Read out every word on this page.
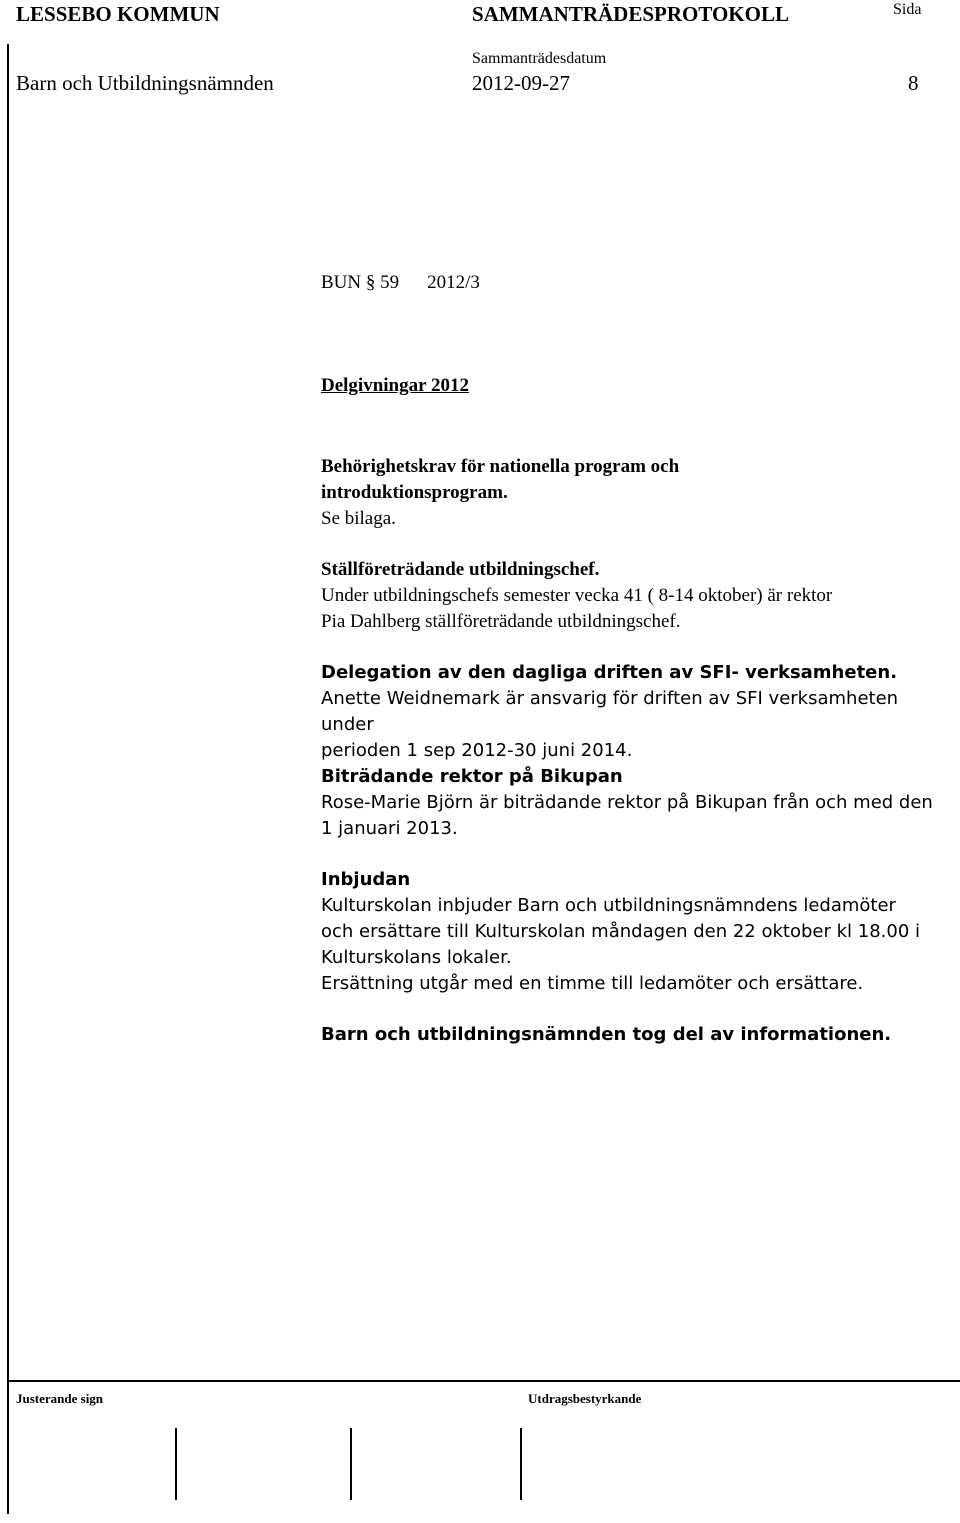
LESSEBO KOMMUN	SAMMANTRÄDESPROTOKOLL	Sida
Sammanträdesdatum
Barn och Utbildningsnämnden	2012-09-27	8
BUN § 59 2012/3
Delgivningar 2012

Behörighetskrav för nationella program och

introduktionsprogram.

Se bilaga.

Ställföreträdande utbildningschef.

Under utbildningschefs semester vecka 41 ( 8-14 oktober) är rektor

Pia Dahlberg ställföreträdande utbildningschef.

Delegation av den dagliga driften av SFI- verksamheten.

Anette Weidnemark är ansvarig för driften av SFI verksamheten under

perioden 1 sep 2012-30 juni 2014.

Biträdande rektor på Bikupan

Rose-Marie Björn är biträdande rektor på Bikupan från och med den

1 januari 2013.

Inbjudan

Kulturskolan inbjuder Barn och utbildningsnämndens ledamöter

och ersättare till Kulturskolan måndagen den 22 oktober kl 18.00 i

Kulturskolans lokaler.

Ersättning utgår med en timme till ledamöter och ersättare.

Barn och utbildningsnämnden tog del av informationen.

Justerande sign	Utdragsbestyrkande
